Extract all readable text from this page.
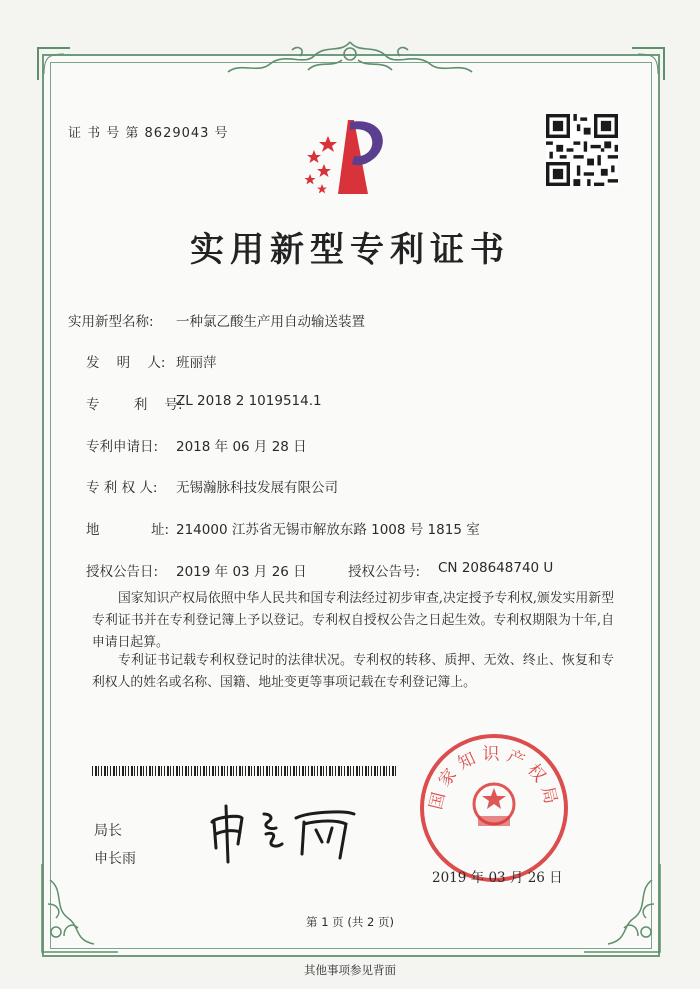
证 书 号 第 8629043 号
实用新型专利证书
实用新型名称: 一种氯乙酸生产用自动输送装置
发    明    人: 班丽萍
专        利    号:
ZL 2018 2 1019514.1
专利申请日: 2018 年 06 月 28 日
专 利 权 人: 无锡瀚脉科技发展有限公司
地            址: 214000 江苏省无锡市解放东路 1008 号 1815 室
授权公告日: 2019 年 03 月 26 日	授权公告号: CN 208648740 U
国家知识产权局依照中华人民共和国专利法经过初步审查,决定授予专利权,颁发实用新型专利证书并在专利登记簿上予以登记。专利权自授权公告之日起生效。专利权期限为十年,自申请日起算。
专利证书记载专利权登记时的法律状况。专利权的转移、质押、无效、终止、恢复和专利权人的姓名或名称、国籍、地址变更等事项记载在专利登记簿上。
局长
申长雨
国家知识产权局
2019 年 03 月 26 日
第 1 页 (共 2 页)
其他事项参见背面
